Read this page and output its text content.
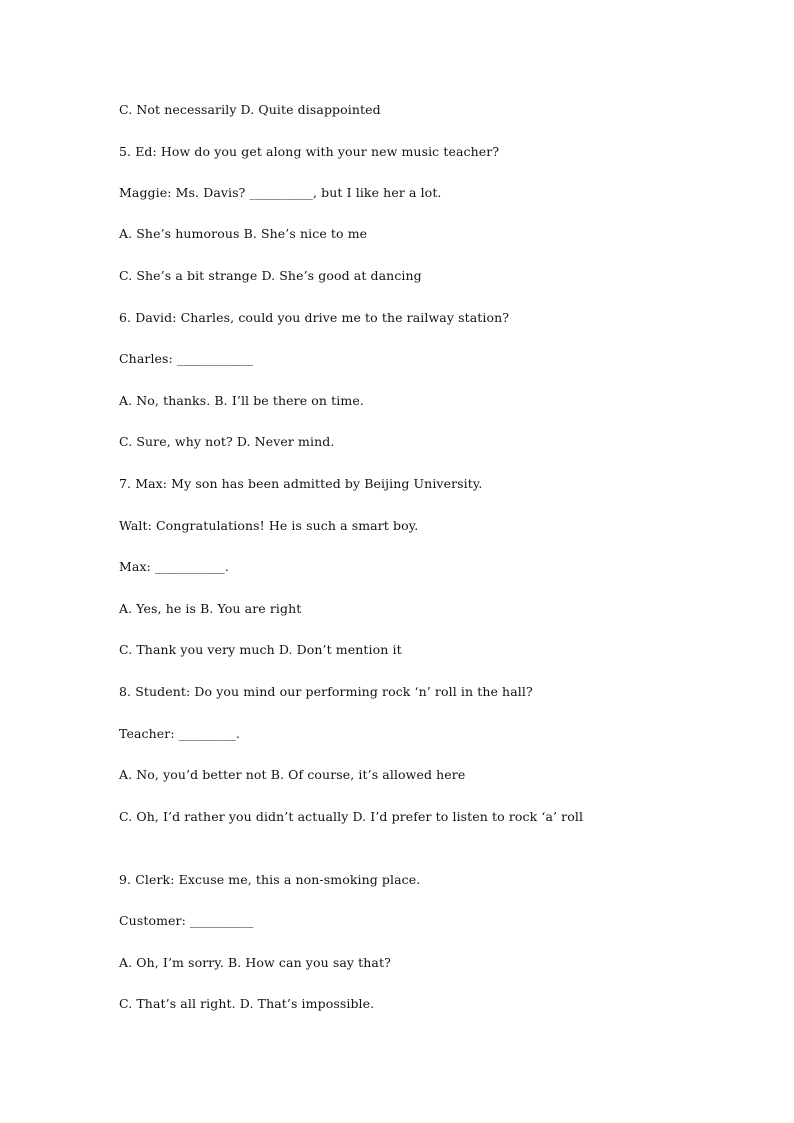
C. Not necessarily D. Quite disappointed
5. Ed: How do you get along with your new music teacher?
Maggie: Ms. Davis? __________, but I like her a lot.
A. She’s humorous B. She’s nice to me
C. She’s a bit strange D. She’s good at dancing
6. David: Charles, could you drive me to the railway station?
Charles: ____________
A. No, thanks. B. I’ll be there on time.
C. Sure, why not? D. Never mind.
7. Max: My son has been admitted by Beijing University.
Walt: Congratulations! He is such a smart boy.
Max: ___________.
A. Yes, he is B. You are right
C. Thank you very much D. Don’t mention it
8. Student: Do you mind our performing rock ‘n’ roll in the hall?
Teacher: _________.
A. No, you’d better not B. Of course, it’s allowed here
C. Oh, I’d rather you didn’t actually D. I’d prefer to listen to rock ‘a’ roll
9. Clerk: Excuse me, this a non-smoking place.
Customer: __________
A. Oh, I’m sorry. B. How can you say that?
C. That’s all right. D. That’s impossible.
